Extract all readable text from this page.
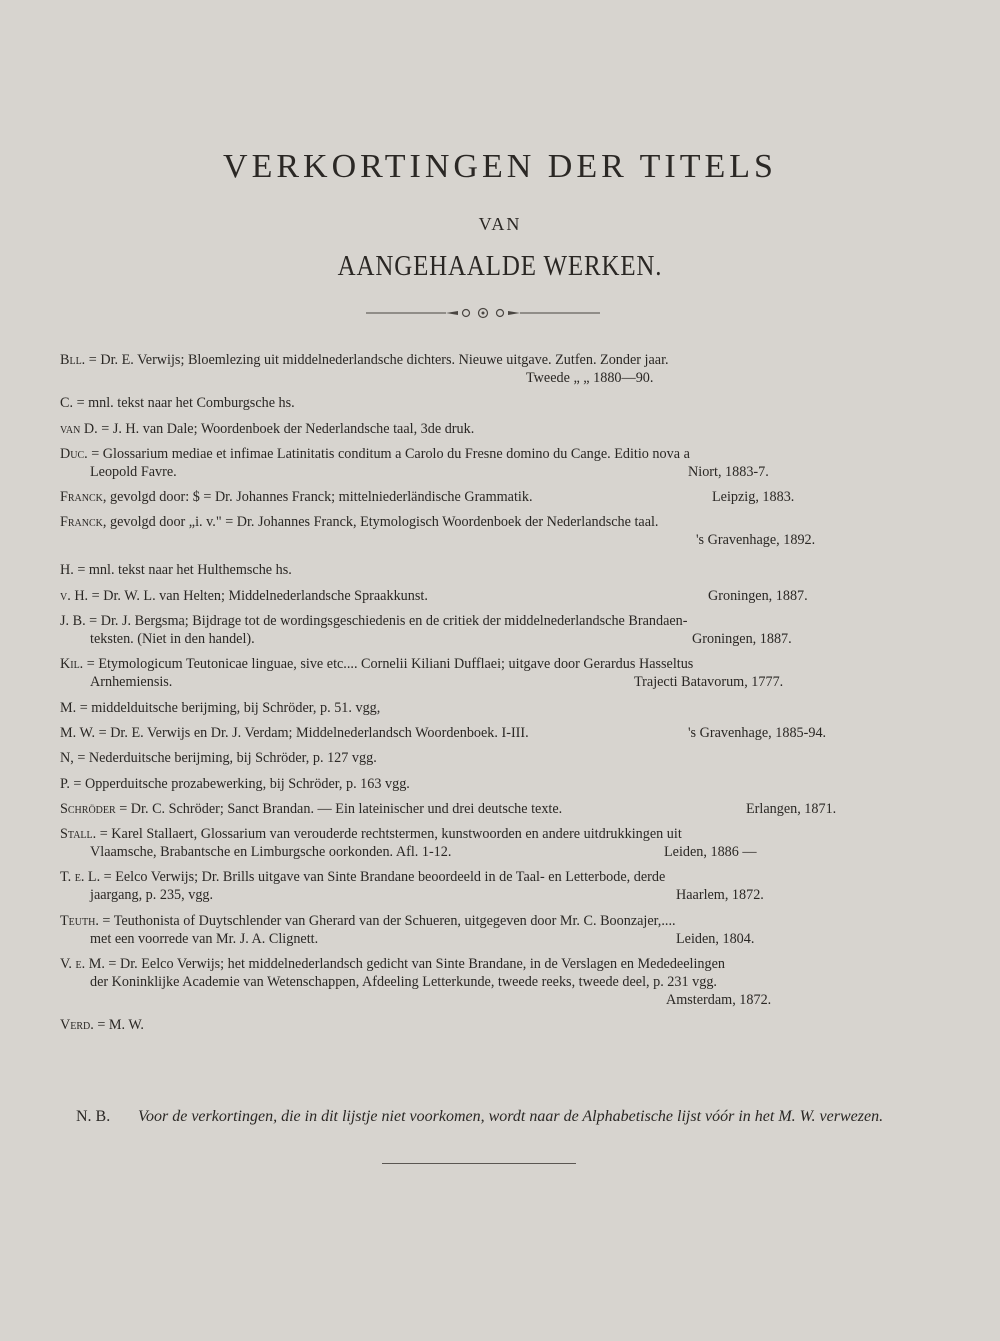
VERKORTINGEN DER TITELS
VAN
AANGEHAALDE WERKEN.
Bll. = Dr. E. Verwijs; Bloemlezing uit middelnederlandsche dichters. Nieuwe uitgave. Zutfen. Zonder jaar.
Tweede „ „ 1880—90.
C. = mnl. tekst naar het Comburgsche hs.
van D. = J. H. van Dale; Woordenboek der Nederlandsche taal, 3de druk.
Duc. = Glossarium mediae et infimae Latinitatis conditum a Carolo du Fresne domino du Cange. Editio nova a
Leopold Favre.	Niort, 1883-7.
Franck, gevolgd door: $ = Dr. Johannes Franck; mittelniederländische Grammatik.	Leipzig, 1883.
Franck, gevolgd door „i. v." = Dr. Johannes Franck, Etymologisch Woordenboek der Nederlandsche taal.
's Gravenhage, 1892.
H. = mnl. tekst naar het Hulthemsche hs.
v. H. = Dr. W. L. van Helten; Middelnederlandsche Spraakkunst.	Groningen, 1887.
J. B. = Dr. J. Bergsma; Bijdrage tot de wordingsgeschiedenis en de critiek der middelnederlandsche Brandaen-
teksten. (Niet in den handel).	Groningen, 1887.
Kil. = Etymologicum Teutonicae linguae, sive etc.... Cornelii Kiliani Dufflaei; uitgave door Gerardus Hasseltus
Arnhemiensis.	Trajecti Batavorum, 1777.
M. = middelduitsche berijming, bij Schröder, p. 51. vgg,
M. W. = Dr. E. Verwijs en Dr. J. Verdam; Middelnederlandsch Woordenboek. I-III.	's Gravenhage, 1885-94.
N, = Nederduitsche berijming, bij Schröder, p. 127 vgg.
P. = Opperduitsche prozabewerking, bij Schröder, p. 163 vgg.
Schröder = Dr. C. Schröder; Sanct Brandan. — Ein lateinischer und drei deutsche texte.	Erlangen, 1871.
Stall. = Karel Stallaert, Glossarium van verouderde rechtstermen, kunstwoorden en andere uitdrukkingen uit
Vlaamsche, Brabantsche en Limburgsche oorkonden. Afl. 1-12.	Leiden, 1886 —
T. e. L. = Eelco Verwijs; Dr. Brills uitgave van Sinte Brandane beoordeeld in de Taal- en Letterbode, derde
jaargang, p. 235, vgg.	Haarlem, 1872.
Teuth. = Teuthonista of Duytschlender van Gherard van der Schueren, uitgegeven door Mr. C. Boonzajer,....
met een voorrede van Mr. J. A. Clignett.	Leiden, 1804.
V. e. M. = Dr. Eelco Verwijs; het middelnederlandsch gedicht van Sinte Brandane, in de Verslagen en Mededeelingen
der Koninklijke Academie van Wetenschappen, Afdeeling Letterkunde, tweede reeks, tweede deel, p. 231 vgg.
Amsterdam, 1872.
Verd. = M. W.
N. B.	Voor de verkortingen, die in dit lijstje niet voorkomen, wordt naar de Alphabetische lijst vóór in het M. W. verwezen.
